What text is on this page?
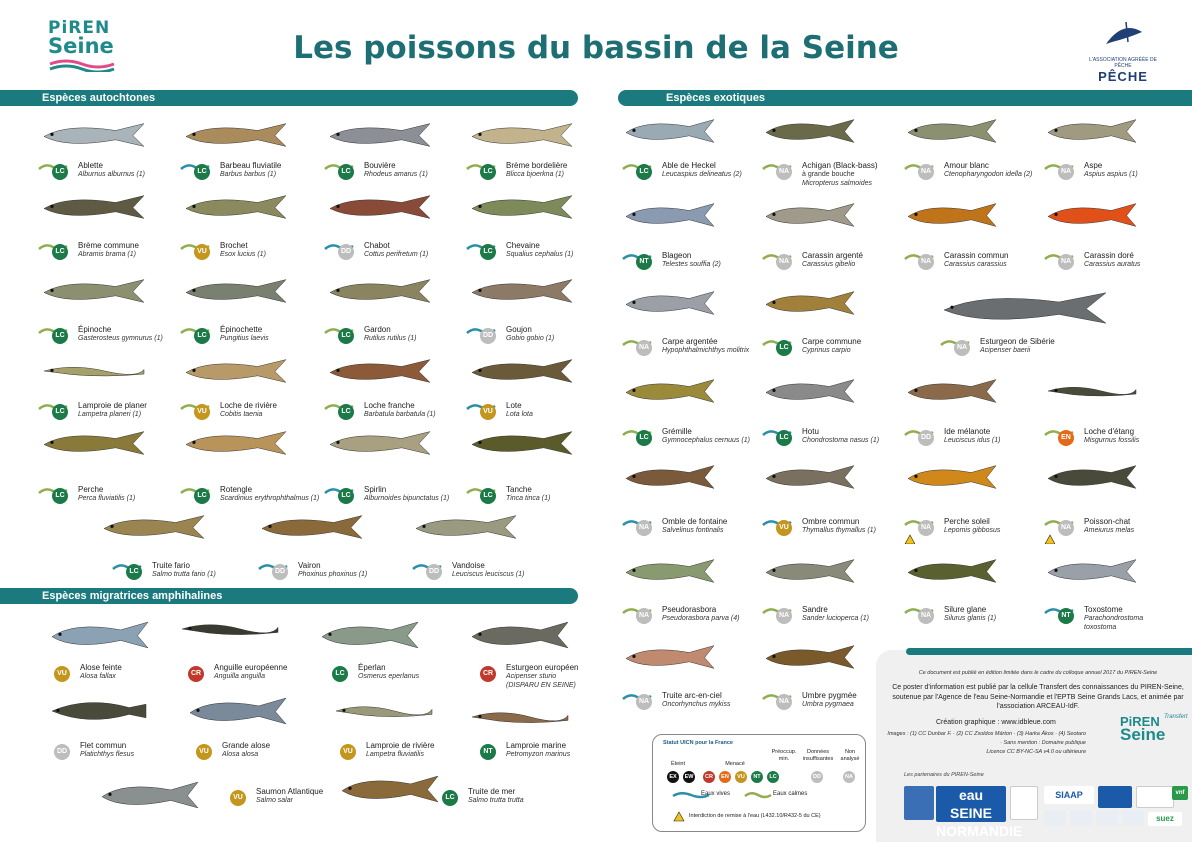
PiREN
Seine	Les poissons du bassin de la Seine	L'ASSOCIATION AGRÉÉE DE PÊCHE
PÊCHE
Espèces autochtones	Espèces exotiques
Espèces migratrices amphihalines
LC
Ablette
Alburnus alburnus (1)	LC
Barbeau fluviatile
Barbus barbus (1)	LC
Bouvière
Rhodeus amarus (1)	LC
Brème bordelière
Blicca bjoerkna (1)
LC
Brème commune
Abramis brama (1)	VU
Brochet
Esox lucius (1)	DD
Chabot
Cottus perifretum (1)	LC
Chevaine
Squalius cephalus (1)
LC
Épinoche
Gasterosteus gymnurus (1)	LC
Épinochette
Pungitius laevis	LC
Gardon
Rutilus rutilus (1)	DD
Goujon
Gobio gobio (1)
LC
Lamproie de planer
Lampetra planeri (1)	VU
Loche de rivière
Cobitis taenia	LC
Loche franche
Barbatula barbatula (1)	VU
Lote
Lota lota
LC
Perche
Perca fluviatilis (1)	LC
Rotengle
Scardinius erythrophthalmus (1)	LC
Spirlin
Alburnoides bipunctatus (1)	LC
Tanche
Tinca tinca (1)
LC
Truite fario
Salmo trutta fario (1)	DD
Vairon
Phoxinus phoxinus (1)	DD
Vandoise
Leuciscus leuciscus (1)
LC
Able de Heckel
Leucaspius delineatus (2)	NA
Achigan (Black-bass)
à grande bouche
Micropterus salmoides
NA
Amour blanc
Ctenopharyngodon idella (2)	NA
Aspe
Aspius aspius (1)
NT
Blageon
Telestes souffia (2)	NA
Carassin argenté
Carassius gibelio	NA
Carassin commun
Carassius carassius	NA
Carassin doré
Carassius auratus
NA
Carpe argentée
Hypophthalmichthys molitrix	LC
Carpe commune
Cyprinus carpio	NA
Esturgeon de Sibérie
Acipenser baerii
LC
Grémille
Gymnocephalus cernuus (1)	LC
Hotu
Chondrostoma nasus (1)	DD
Ide mélanote
Leuciscus idus (1)	EN
Loche d'étang
Misgurnus fossilis
NA
Omble de fontaine
Salvelinus fontinalis	VU
Ombre commun
Thymallus thymallus (1)	NA
Perche soleil
Lepomis gibbosus	NA
Poisson-chat
Ameiurus melas
NA
Pseudorasbora
Pseudorasbora parva (4)	NA
Sandre
Sander lucioperca (1)	NA
Silure glane
Silurus glanis (1)	NT
Toxostome
Parachondrostoma
toxostoma
NA
Truite arc-en-ciel
Oncorhynchus mykiss	NA
Umbre pygmée
Umbra pygmaea
VU
Alose feinte
Alosa fallax	CR
Anguille européenne
Anguilla anguilla	LC
Éperlan
Osmerus eperlanus	CR
Esturgeon européen
Acipenser sturio
(DISPARU EN SEINE)
DD
Flet commun
Platichthys flesus	VU
Grande alose
Alosa alosa	VU
Lamproie de rivière
Lampetra fluviatilis	NT
Lamproie marine
Petromyzon marinus
VU
Saumon Atlantique
Salmo salar	LC
Truite de mer
Salmo trutta trutta
Statut UICN pour la France
Éteint	Menacé
Préoccup. min.
Données insuffisantes
Non analysé
EX	EW	CR	EN	VU	NT	LC	DD	NA
Eaux vives	Eaux calmes
Interdiction de remise à l'eau (L432.10/R432-5 du CE)
Ce document est publié en édition limitée dans le cadre du colloque annuel 2017 du PIREN-Seine
Ce poster d'information est publié par la cellule Transfert des connaissances du PIREN-Seine, soutenue par l'Agence de l'eau Seine-Normandie et l'EPTB Seine Grands Lacs, et animée par l'association ARCEAU-IdF.
Création graphique : www.idbleue.com
Images : (1) CC Dunbar F. · (2) CC Zsoldos Márton · (3) Harka Ákos · (4) Seotaro · Sans mention : Domaine publique
Licence CC BY-NC-SA v4.0 ou ultérieure
PiREN
Seine
Transfert
Les partenaires du PIREN-Seine
eau SEINE NORMANDIE
SIAAP	vnf
suez
